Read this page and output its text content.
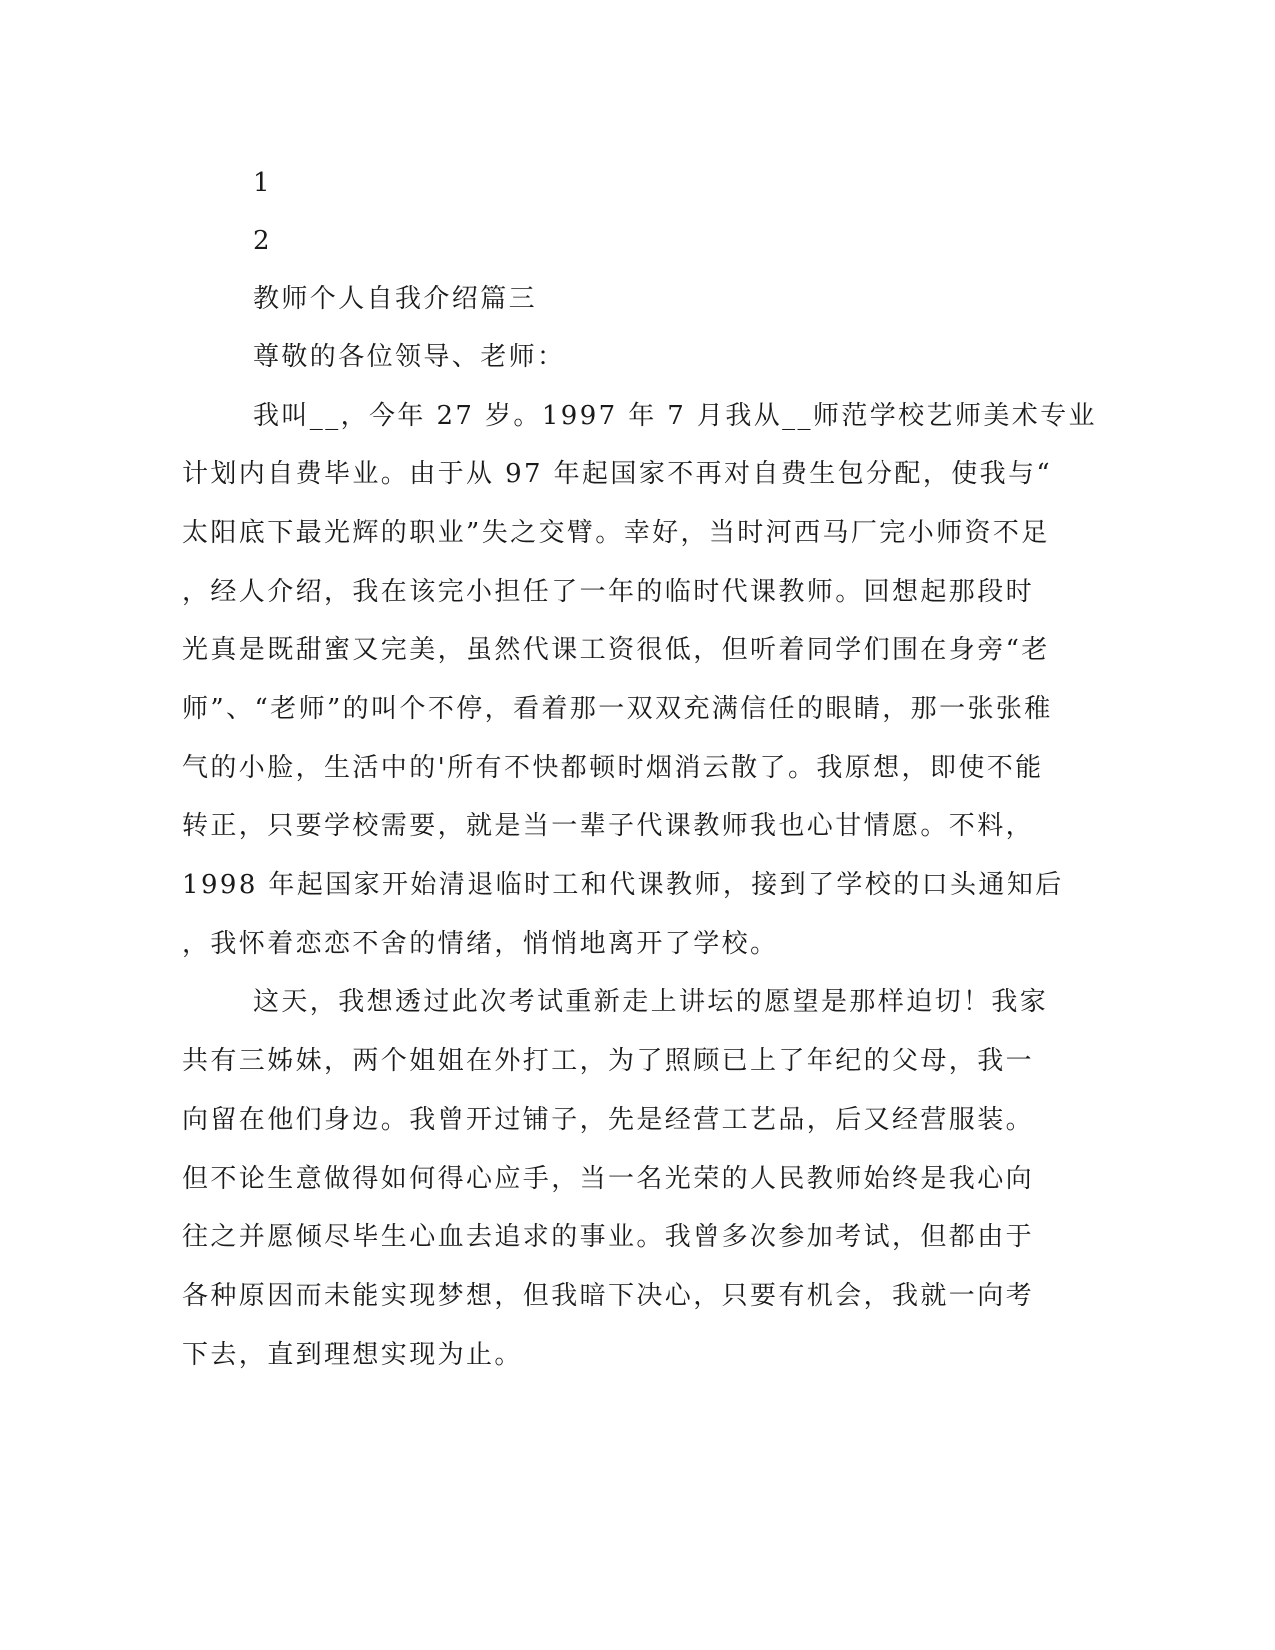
1
2
教师个人自我介绍篇三
尊敬的各位领导、老师：
我叫__，今年 27 岁。1997 年 7 月我从__师范学校艺师美术专业
计划内自费毕业。由于从 97 年起国家不再对自费生包分配，使我与“
太阳底下最光辉的职业”失之交臂。幸好，当时河西马厂完小师资不足
，经人介绍，我在该完小担任了一年的临时代课教师。回想起那段时
光真是既甜蜜又完美，虽然代课工资很低，但听着同学们围在身旁“老
师”、“老师”的叫个不停，看着那一双双充满信任的眼睛，那一张张稚
气的小脸，生活中的'所有不快都顿时烟消云散了。我原想，即使不能
转正，只要学校需要，就是当一辈子代课教师我也心甘情愿。不料，
1998 年起国家开始清退临时工和代课教师，接到了学校的口头通知后
，我怀着恋恋不舍的情绪，悄悄地离开了学校。
这天，我想透过此次考试重新走上讲坛的愿望是那样迫切！我家
共有三姊妹，两个姐姐在外打工，为了照顾已上了年纪的父母，我一
向留在他们身边。我曾开过铺子，先是经营工艺品，后又经营服装。
但不论生意做得如何得心应手，当一名光荣的人民教师始终是我心向
往之并愿倾尽毕生心血去追求的事业。我曾多次参加考试，但都由于
各种原因而未能实现梦想，但我暗下决心，只要有机会，我就一向考
下去，直到理想实现为止。
